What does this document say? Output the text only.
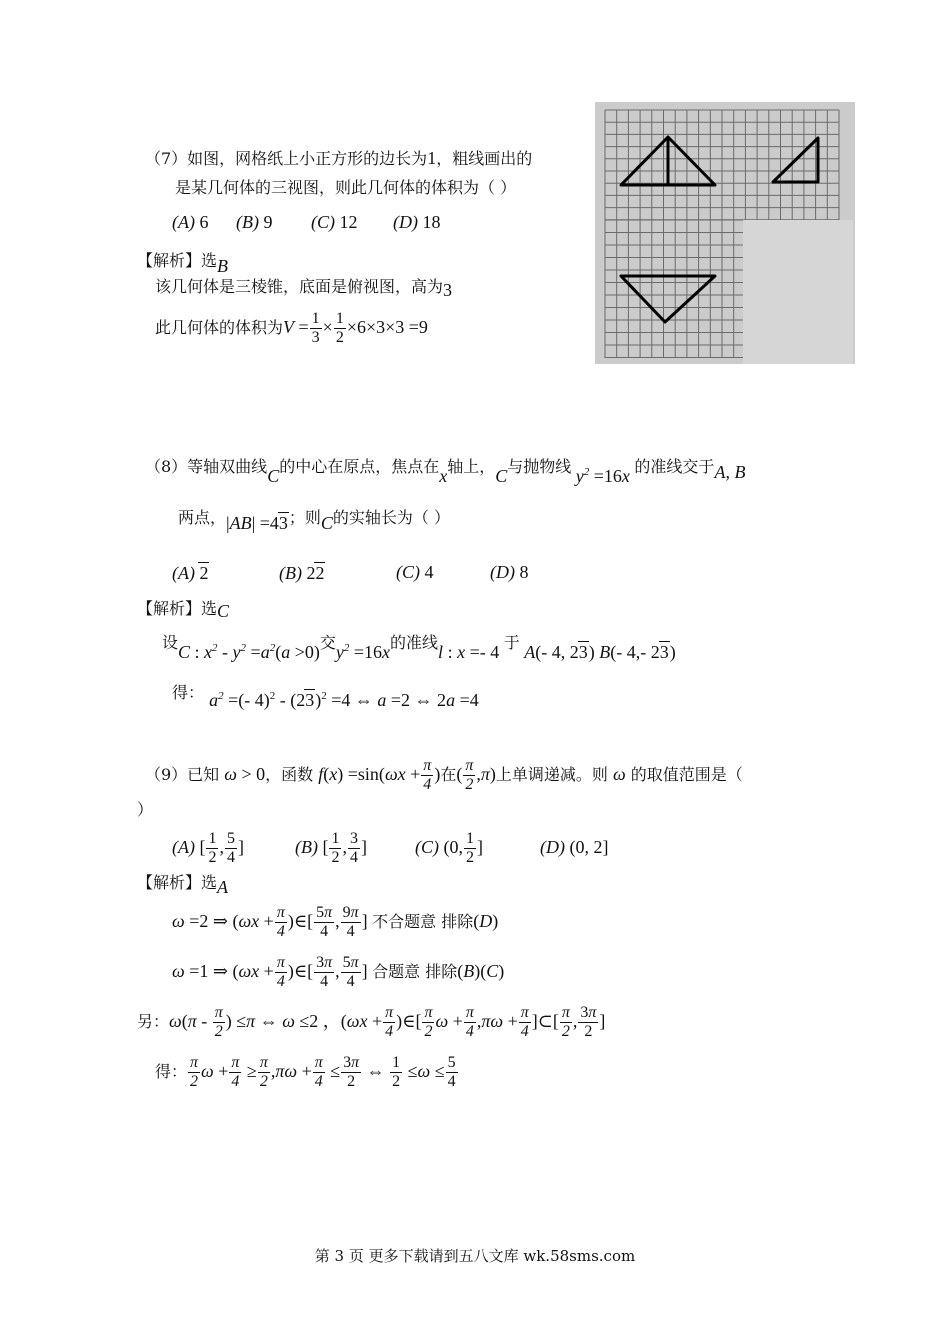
（7）如图，网格纸上小正方形的边长为1，粗线画出的
是某几何体的三视图，则此几何体的体积为（ ）
(A) 6 (B) 9 (C) 12 (D) 18
【解析】选B
该几何体是三棱锥，底面是俯视图，高为3
此几何体的体积为$V = \frac{1}{3} \times \frac{1}{2} \times 6\times 3\times 3 =9$
（8）等轴双曲线C的中心在原点，焦点在x轴上，C与抛物线 $y^2 =16x$ 的准线交于A, B
两点，|AB| =43；则C的实轴长为（ ）
(A) 2	(B) 22	(C) 4	(D) 8
【解析】选C
设C : $x^2 - y^2 =a^2(a >0)$交$y^2 =16x$的准线l : x =- 4 于 A(- 4, 23) B(- 4,- 23)
得： $a^2$ =(- $4)^2 - (23)^2 =4$ ⇔ a =2 ⇔ 2a =4
（9）已知 ω > 0，函数 $f(x) =\sin(\omega x + \frac{\pi}{4}$ )在( $\frac{\pi}{2} ,\pi$)上单调递减。则 ω 的取值范围是（
）
(A) [ $\frac{1}{2}$ , $\frac{5}{4}$ ]	(B) [ $\frac{1}{2}$ , $\frac{3}{4}$ ]	(C) (0, $\frac{1}{2}$ ]	(D) (0, 2]
【解析】选A
ω =2 ⇒ ($\omega x + \frac{\pi}{4}$ )∈[ $\frac{5\pi}{4}$ , $\frac{9\pi}{4}$ ] 不合题意 排除(D)
ω =1 ⇒ ($\omega x + \frac{\pi}{4}$ )∈[ $\frac{3\pi}{4}$ , $\frac{5\pi}{4}$ ] 合题意 排除(B)(C)
另：$\omega(\pi - \frac{\pi}{2}$ ) ≤π ⇔ ω ≤2 ，($\omega x + \frac{\pi}{4}$ )∈[ $\frac{\pi}{2}$ $\omega + \frac{\pi}{4} ,\pi\omega + \frac{\pi}{4}$ ]⊂[ $\frac{\pi}{2}$ , $\frac{3\pi}{2}$ ]
得： $\frac{\pi}{2}$ $\omega + \frac{\pi}{4} \ge \frac{\pi}{2} ,\pi\omega + \frac{\pi}{4} \le \frac{3\pi}{2}$ ⇔ $\frac{1}{2} \le\omega \le \frac{5}{4}$
第 3 页 更多下载请到五八文库 wk.58sms.com
